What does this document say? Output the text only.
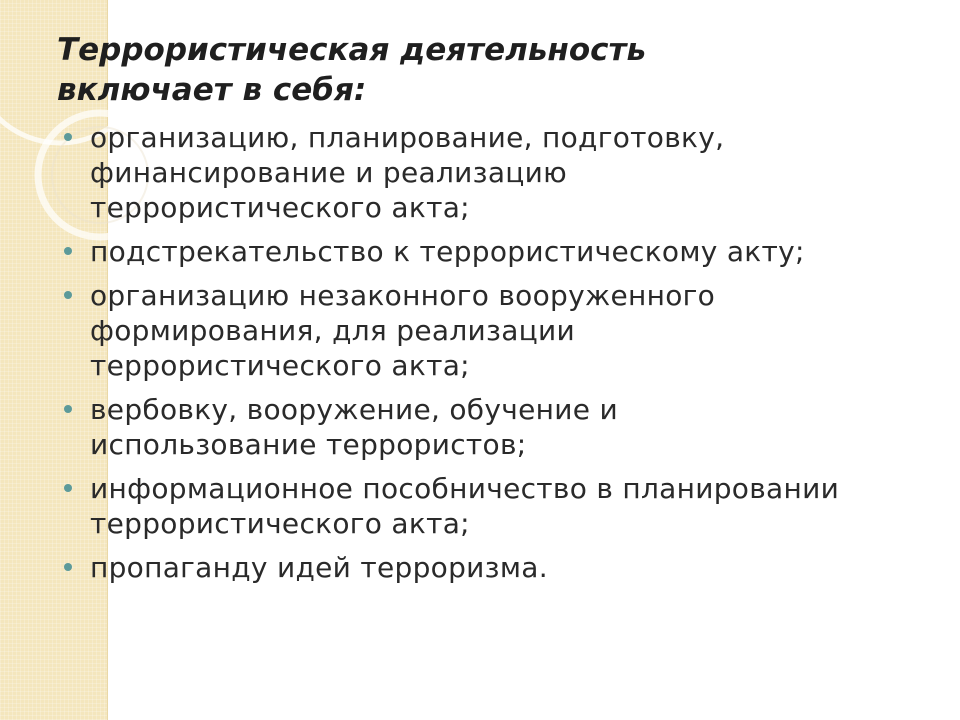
Террористическая деятельность
включает в себя:
организацию, планирование, подготовку,
финансирование и реализацию
террористического акта;
подстрекательство к террористическому акту;
организацию незаконного вооруженного
формирования, для реализации
террористического акта;
вербовку, вооружение, обучение и
использование террористов;
информационное пособничество в планировании
террористического акта;
пропаганду идей терроризма.
